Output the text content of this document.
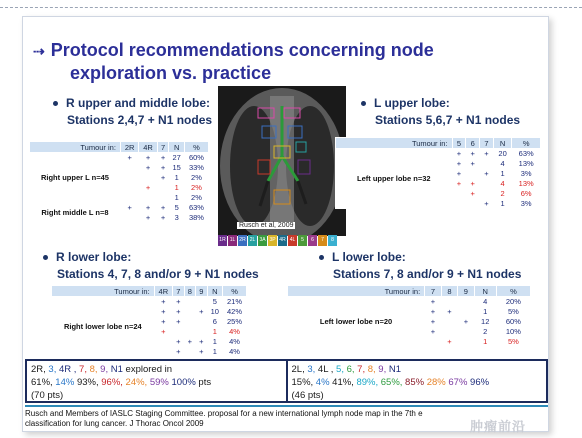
⇢ Protocol recommendations concerning node
exploration vs. practice
R upper and middle lobe:
Stations 2,4,7 + N1 nodes
L upper lobe:
Stations 5,6,7 + N1 nodes
Rusch et al, 2009
1R 1L 2R 2L 3A 3P 4R 4L	5	6	7	8
Tumour in:	2R	4R	7	N	%
Right upper L n=45	+	+	+	27	60%
		+	+	15	33%
			+	1	2%
		+		1	2%
				1	2%
Right middle L n=8	+	+	+	5	63%
		+	+	3	38%
Tumour in:	5	6	7	N	%
Left upper lobe n=32	+	+	+	20	63%
	+	+		4	13%
	+		+	1	3%
	+	+		4	13%
		+		2	6%
			+	1	3%
R lower lobe:
Stations 4, 7, 8 and/or 9 + N1 nodes
L lower lobe:
Stations 7, 8 and/or 9 + N1 nodes
Tumour in:	4R	7	8	9	N	%
Right lower lobe n=24	+	+			5	21%
	+	+		+	10	42%
	+	+			6	25%
	+				1	4%
		+	+	+	1	4%
		+		+	1	4%
Tumour in:	7	8	9	N	%
Left lower lobe n=20	+			4	20%
	+	+		1	5%
	+		+	12	60%
	+			2	10%
		+		1	5%
2R, 3, 4R , 7, 8, 9, N1 explored in
61%, 14% 93%, 96%, 24%, 59% 100% pts
(70 pts)
2L, 3, 4L , 5, 6, 7, 8, 9, N1
15%, 4% 41%, 89%, 65%, 85% 28% 67% 96%
(46 pts)
Rusch and Members of IASLC Staging Committee. proposal for a new international lymph node map in the 7th e
classification for lung cancer. J Thorac Oncol 2009	肿瘤前沿
